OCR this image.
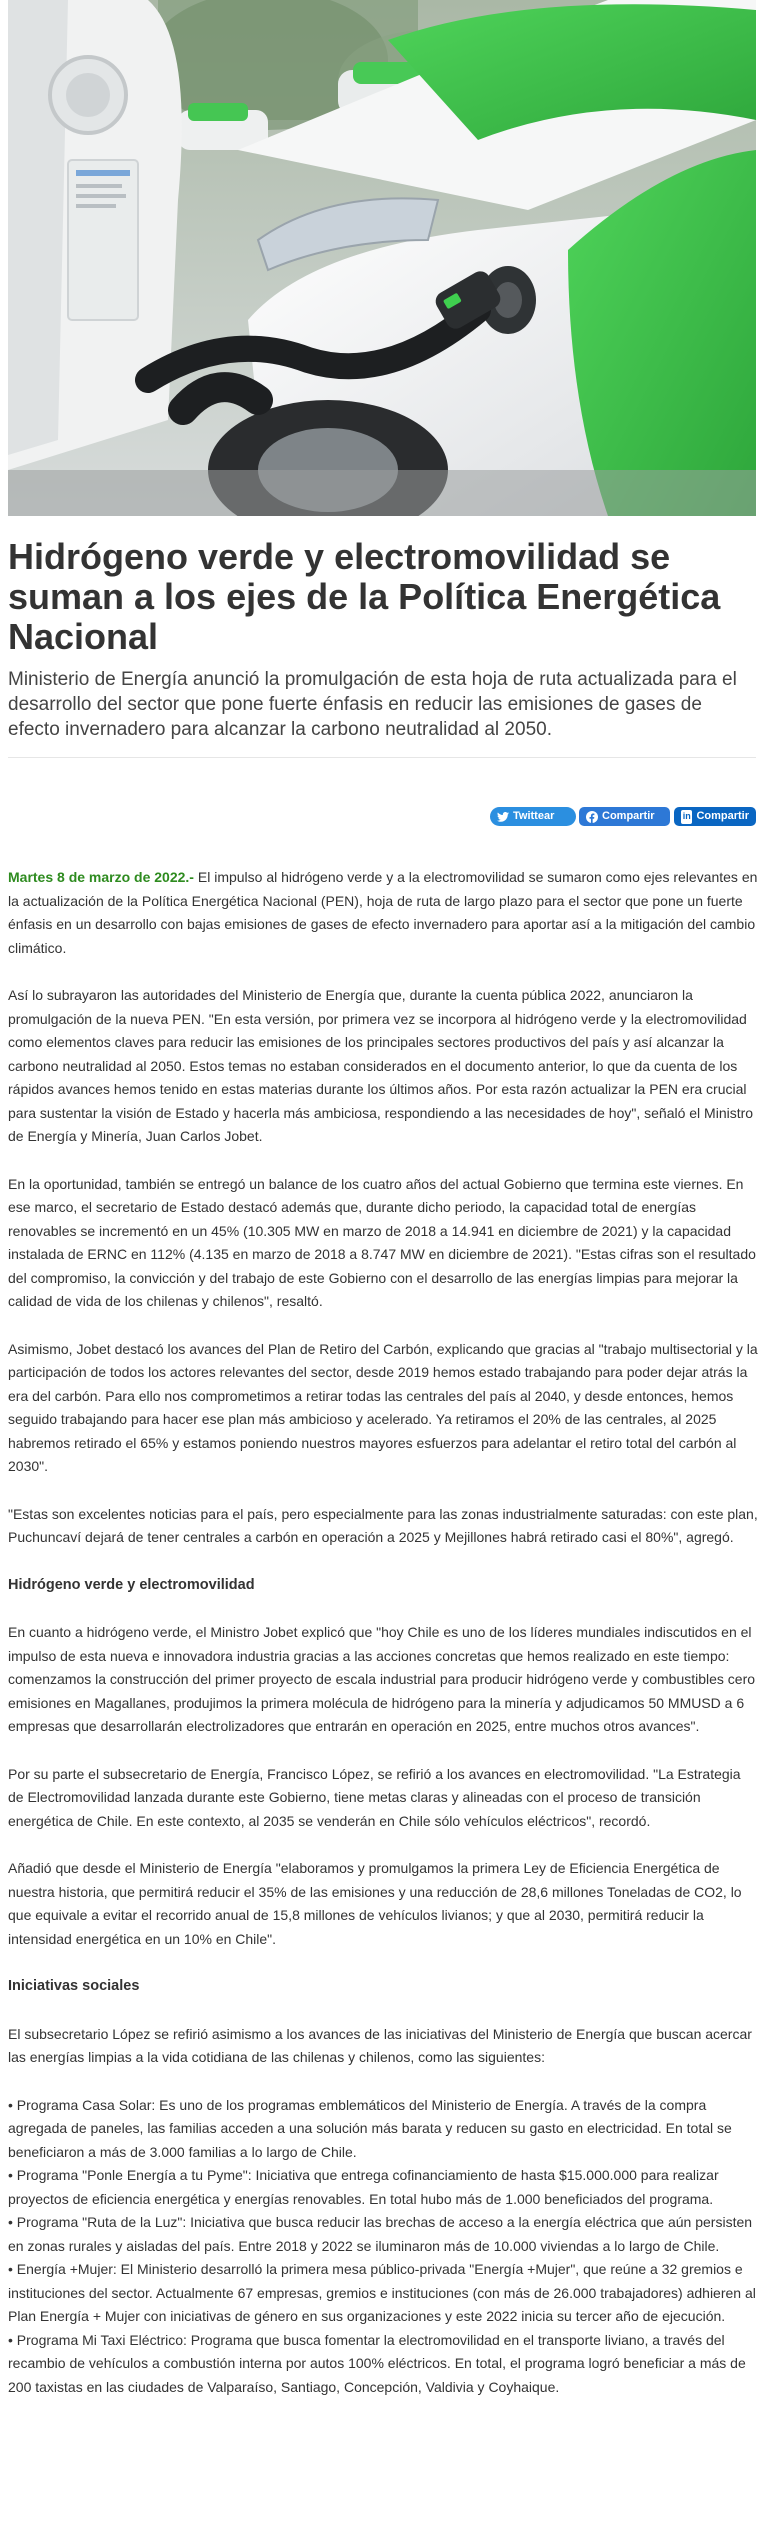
Hidrógeno verde y electromovilidad se suman a los ejes de la Política Energética Nacional

Ministerio de Energía anunció la promulgación de esta hoja de ruta actualizada para el desarrollo del sector que pone fuerte énfasis en reducir las emisiones de gases de efecto invernadero para alcanzar la carbono neutralidad al 2050.

Twittear	Compartir	in Compartir

Martes 8 de marzo de 2022.- El impulso al hidrógeno verde y a la electromovilidad se sumaron como ejes relevantes en la actualización de la Política Energética Nacional (PEN), hoja de ruta de largo plazo para el sector que pone un fuerte énfasis en un desarrollo con bajas emisiones de gases de efecto invernadero para aportar así a la mitigación del cambio climático.

Así lo subrayaron las autoridades del Ministerio de Energía que, durante la cuenta pública 2022, anunciaron la promulgación de la nueva PEN. "En esta versión, por primera vez se incorpora al hidrógeno verde y la electromovilidad como elementos claves para reducir las emisiones de los principales sectores productivos del país y así alcanzar la carbono neutralidad al 2050. Estos temas no estaban considerados en el documento anterior, lo que da cuenta de los rápidos avances hemos tenido en estas materias durante los últimos años. Por esta razón actualizar la PEN era crucial para sustentar la visión de Estado y hacerla más ambiciosa, respondiendo a las necesidades de hoy", señaló el Ministro de Energía y Minería, Juan Carlos Jobet.

En la oportunidad, también se entregó un balance de los cuatro años del actual Gobierno que termina este viernes. En ese marco, el secretario de Estado destacó además que, durante dicho periodo, la capacidad total de energías renovables se incrementó en un 45% (10.305 MW en marzo de 2018 a 14.941 en diciembre de 2021) y la capacidad instalada de ERNC en 112% (4.135 en marzo de 2018 a 8.747 MW en diciembre de 2021). "Estas cifras son el resultado del compromiso, la convicción y del trabajo de este Gobierno con el desarrollo de las energías limpias para mejorar la calidad de vida de los chilenas y chilenos", resaltó.

Asimismo, Jobet destacó los avances del Plan de Retiro del Carbón, explicando que gracias al "trabajo multisectorial y la participación de todos los actores relevantes del sector, desde 2019 hemos estado trabajando para poder dejar atrás la era del carbón. Para ello nos comprometimos a retirar todas las centrales del país al 2040, y desde entonces, hemos seguido trabajando para hacer ese plan más ambicioso y acelerado. Ya retiramos el 20% de las centrales, al 2025 habremos retirado el 65% y estamos poniendo nuestros mayores esfuerzos para adelantar el retiro total del carbón al 2030".

"Estas son excelentes noticias para el país, pero especialmente para las zonas industrialmente saturadas: con este plan, Puchuncaví dejará de tener centrales a carbón en operación a 2025 y Mejillones habrá retirado casi el 80%", agregó.

Hidrógeno verde y electromovilidad

En cuanto a hidrógeno verde, el Ministro Jobet explicó que "hoy Chile es uno de los líderes mundiales indiscutidos en el impulso de esta nueva e innovadora industria gracias a las acciones concretas que hemos realizado en este tiempo: comenzamos la construcción del primer proyecto de escala industrial para producir hidrógeno verde y combustibles cero emisiones en Magallanes, produjimos la primera molécula de hidrógeno para la minería y adjudicamos 50 MMUSD a 6 empresas que desarrollarán electrolizadores que entrarán en operación en 2025, entre muchos otros avances".

Por su parte el subsecretario de Energía, Francisco López, se refirió a los avances en electromovilidad. "La Estrategia de Electromovilidad lanzada durante este Gobierno, tiene metas claras y alineadas con el proceso de transición energética de Chile. En este contexto, al 2035 se venderán en Chile sólo vehículos eléctricos", recordó.

Añadió que desde el Ministerio de Energía "elaboramos y promulgamos la primera Ley de Eficiencia Energética de nuestra historia, que permitirá reducir el 35% de las emisiones y una reducción de 28,6 millones Toneladas de CO2, lo que equivale a evitar el recorrido anual de 15,8 millones de vehículos livianos; y que al 2030, permitirá reducir la intensidad energética en un 10% en Chile".

Iniciativas sociales

El subsecretario López se refirió asimismo a los avances de las iniciativas del Ministerio de Energía que buscan acercar las energías limpias a la vida cotidiana de las chilenas y chilenos, como las siguientes:

• Programa Casa Solar: Es uno de los programas emblemáticos del Ministerio de Energía. A través de la compra agregada de paneles, las familias acceden a una solución más barata y reducen su gasto en electricidad. En total se beneficiaron a más de 3.000 familias a lo largo de Chile.
• Programa "Ponle Energía a tu Pyme": Iniciativa que entrega cofinanciamiento de hasta $15.000.000 para realizar proyectos de eficiencia energética y energías renovables. En total hubo más de 1.000 beneficiados del programa.
• Programa "Ruta de la Luz": Iniciativa que busca reducir las brechas de acceso a la energía eléctrica que aún persisten en zonas rurales y aisladas del país. Entre 2018 y 2022 se iluminaron más de 10.000 viviendas a lo largo de Chile.
• Energía +Mujer: El Ministerio desarrolló la primera mesa público-privada "Energía +Mujer", que reúne a 32 gremios e instituciones del sector. Actualmente 67 empresas, gremios e instituciones (con más de 26.000 trabajadores) adhieren al Plan Energía + Mujer con iniciativas de género en sus organizaciones y este 2022 inicia su tercer año de ejecución.
• Programa Mi Taxi Eléctrico: Programa que busca fomentar la electromovilidad en el transporte liviano, a través del recambio de vehículos a combustión interna por autos 100% eléctricos. En total, el programa logró beneficiar a más de 200 taxistas en las ciudades de Valparaíso, Santiago, Concepción, Valdivia y Coyhaique.
